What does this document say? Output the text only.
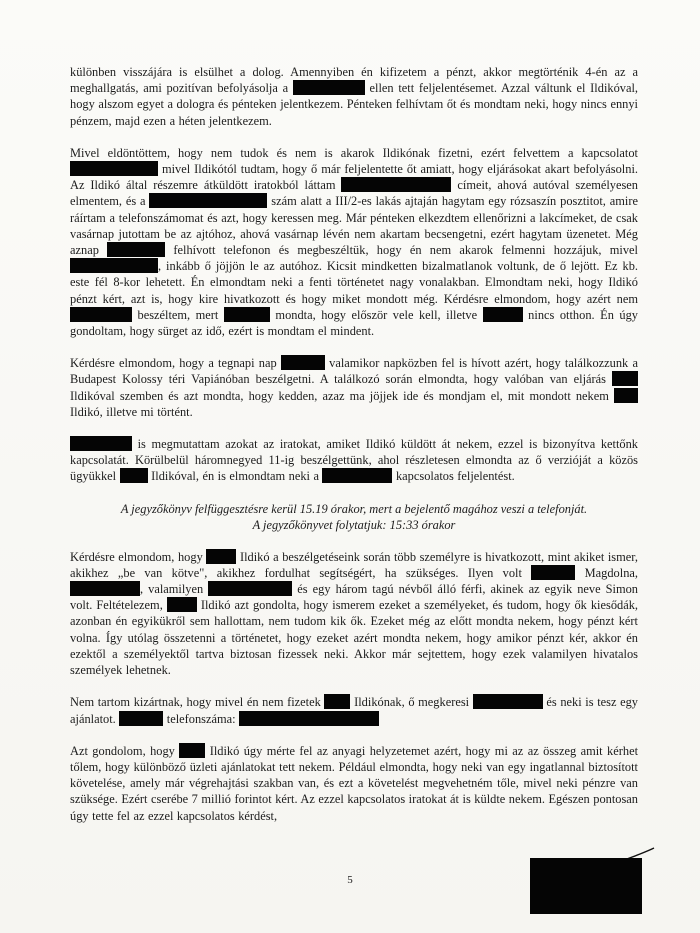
különben visszájára is elsülhet a dolog. Amennyiben én kifizetem a pénzt, akkor megtörténik 4-én az a meghallgatás, ami pozitívan befolyásolja a	ellen tett feljelentésemet. Azzal váltunk el Ildikóval, hogy alszom egyet a dologra és pénteken jelentkezem. Pénteken felhívtam őt és mondtam neki, hogy nincs ennyi pénzem, majd ezen a héten jelentkezem.

Mivel eldöntöttem, hogy nem tudok és nem is akarok Ildikónak fizetni, ezért felvettem a kapcsolatot  mivel Ildikótól tudtam, hogy ő már feljelentette őt amiatt, hogy eljárásokat akart befolyásolni. Az Ildikó által részemre átküldött iratokból láttam	címeit, ahová autóval személyesen elmentem, és a	szám alatt a III/2-es lakás ajtaján hagytam egy rózsaszín posztitot, amire ráírtam a telefonszámomat és azt, hogy keressen meg. Már pénteken elkezdtem ellenőrizni a lakcímeket, de csak vasárnap jutottam be az ajtóhoz, ahová vasárnap lévén nem akartam becsengetni, ezért hagytam üzenetet. Még aznap	felhívott telefonon és megbeszéltük, hogy én nem akarok felmenni hozzájuk, mivel , inkább ő jöjjön le az autóhoz. Kicsit mindketten bizalmatlanok voltunk, de ő lejött. Ez kb. este fél 8-kor lehetett. Én elmondtam neki a fenti történetet nagy vonalakban. Elmondtam neki, hogy Ildikó pénzt kért, azt is, hogy kire hivatkozott és hogy miket mondott még. Kérdésre elmondom, hogy azért nem  beszéltem, mert	mondta, hogy először vele kell, illetve	nincs otthon. Én úgy gondoltam, hogy sürget az idő, ezért is mondtam el mindent.

Kérdésre elmondom, hogy a tegnapi nap	valamikor napközben fel is hívott azért, hogy találkozzunk a Budapest Kolossy téri Vapiánóban beszélgetni. A találkozó során elmondta, hogy valóban van eljárás  Ildikóval szemben és azt mondta, hogy kedden, azaz ma jöjjek ide és mondjam el, mit mondott nekem  Ildikó, illetve mi történt.

is megmutattam azokat az iratokat, amiket Ildikó küldött át nekem, ezzel is bizonyítva kettőnk kapcsolatát. Körülbelül háromnegyed 11-ig beszélgettünk, ahol részletesen elmondta az ő verzióját a közös ügyükkel  Ildikóval, én is elmondtam neki a	kapcsolatos feljelentést.

A jegyzőkönyv felfüggesztésre kerül 15.19 órakor, mert a bejelentő magához veszi a telefonját.
A jegyzőkönyvet folytatjuk: 15:33 órakor

Kérdésre elmondom, hogy  Ildikó a beszélgetéseink során több személyre is hivatkozott, mint akiket ismer, akikhez „be van kötve", akikhez fordulhat segítségért, ha szükséges. Ilyen volt	Magdolna, , valamilyen	és egy három tagú névből álló férfi, akinek az egyik neve Simon volt. Feltételezem,  Ildikó azt gondolta, hogy ismerem ezeket a személyeket, és tudom, hogy ők kiesődák, azonban én egyikükről sem hallottam, nem tudom kik ők. Ezeket még az előtt mondta nekem, hogy pénzt kért volna. Így utólag összetenni a történetet, hogy ezeket azért mondta nekem, hogy amikor pénzt kér, akkor én ezektől a személyektől tartva biztosan fizessek neki. Akkor már sejtettem, hogy ezek valamilyen hivatalos személyek lehetnek.

Nem tartom kizártnak, hogy mivel én nem fizetek  Ildikónak, ő megkeresi	és neki is tesz egy ajánlatot.	telefonszáma:

Azt gondolom, hogy  Ildikó úgy mérte fel az anyagi helyzetemet azért, hogy mi az az összeg amit kérhet tőlem, hogy különböző üzleti ajánlatokat tett nekem. Például elmondta, hogy neki van egy ingatlannal biztosított követelése, amely már végrehajtási szakban van, és ezt a követelést megvehetném tőle, mivel neki pénzre van szüksége. Ezért cserébe 7 millió forintot kért. Az ezzel kapcsolatos iratokat át is küldte nekem. Egészen pontosan úgy tette fel az ezzel kapcsolatos kérdést,

5
